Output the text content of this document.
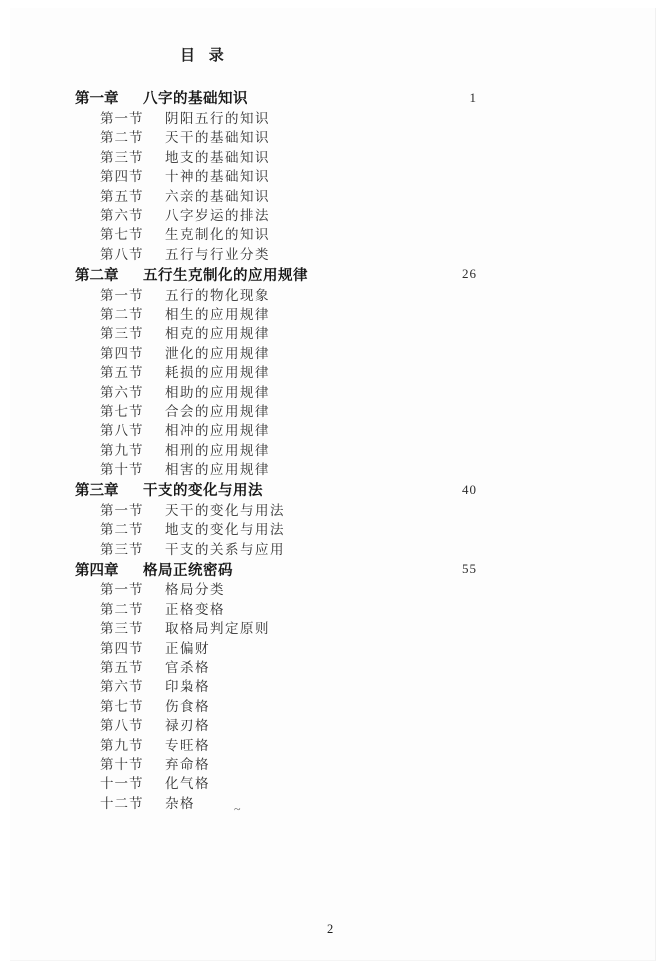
目 录
第一章	八字的基础知识	1
第一节	阴阳五行的知识
第二节	天干的基础知识
第三节	地支的基础知识
第四节	十神的基础知识
第五节	六亲的基础知识
第六节	八字岁运的排法
第七节	生克制化的知识
第八节	五行与行业分类
第二章	五行生克制化的应用规律	26
第一节	五行的物化现象
第二节	相生的应用规律
第三节	相克的应用规律
第四节	泄化的应用规律
第五节	耗损的应用规律
第六节	相助的应用规律
第七节	合会的应用规律
第八节	相冲的应用规律
第九节	相刑的应用规律
第十节	相害的应用规律
第三章	干支的变化与用法	40
第一节	天干的变化与用法
第二节	地支的变化与用法
第三节	干支的关系与应用
第四章	格局正统密码	55
第一节	格局分类
第二节	正格变格
第三节	取格局判定原则
第四节	正偏财
第五节	官杀格
第六节	印枭格
第七节	伤食格
第八节	禄刃格
第九节	专旺格
第十节	弃命格
十一节	化气格
十二节	杂格	~
2
